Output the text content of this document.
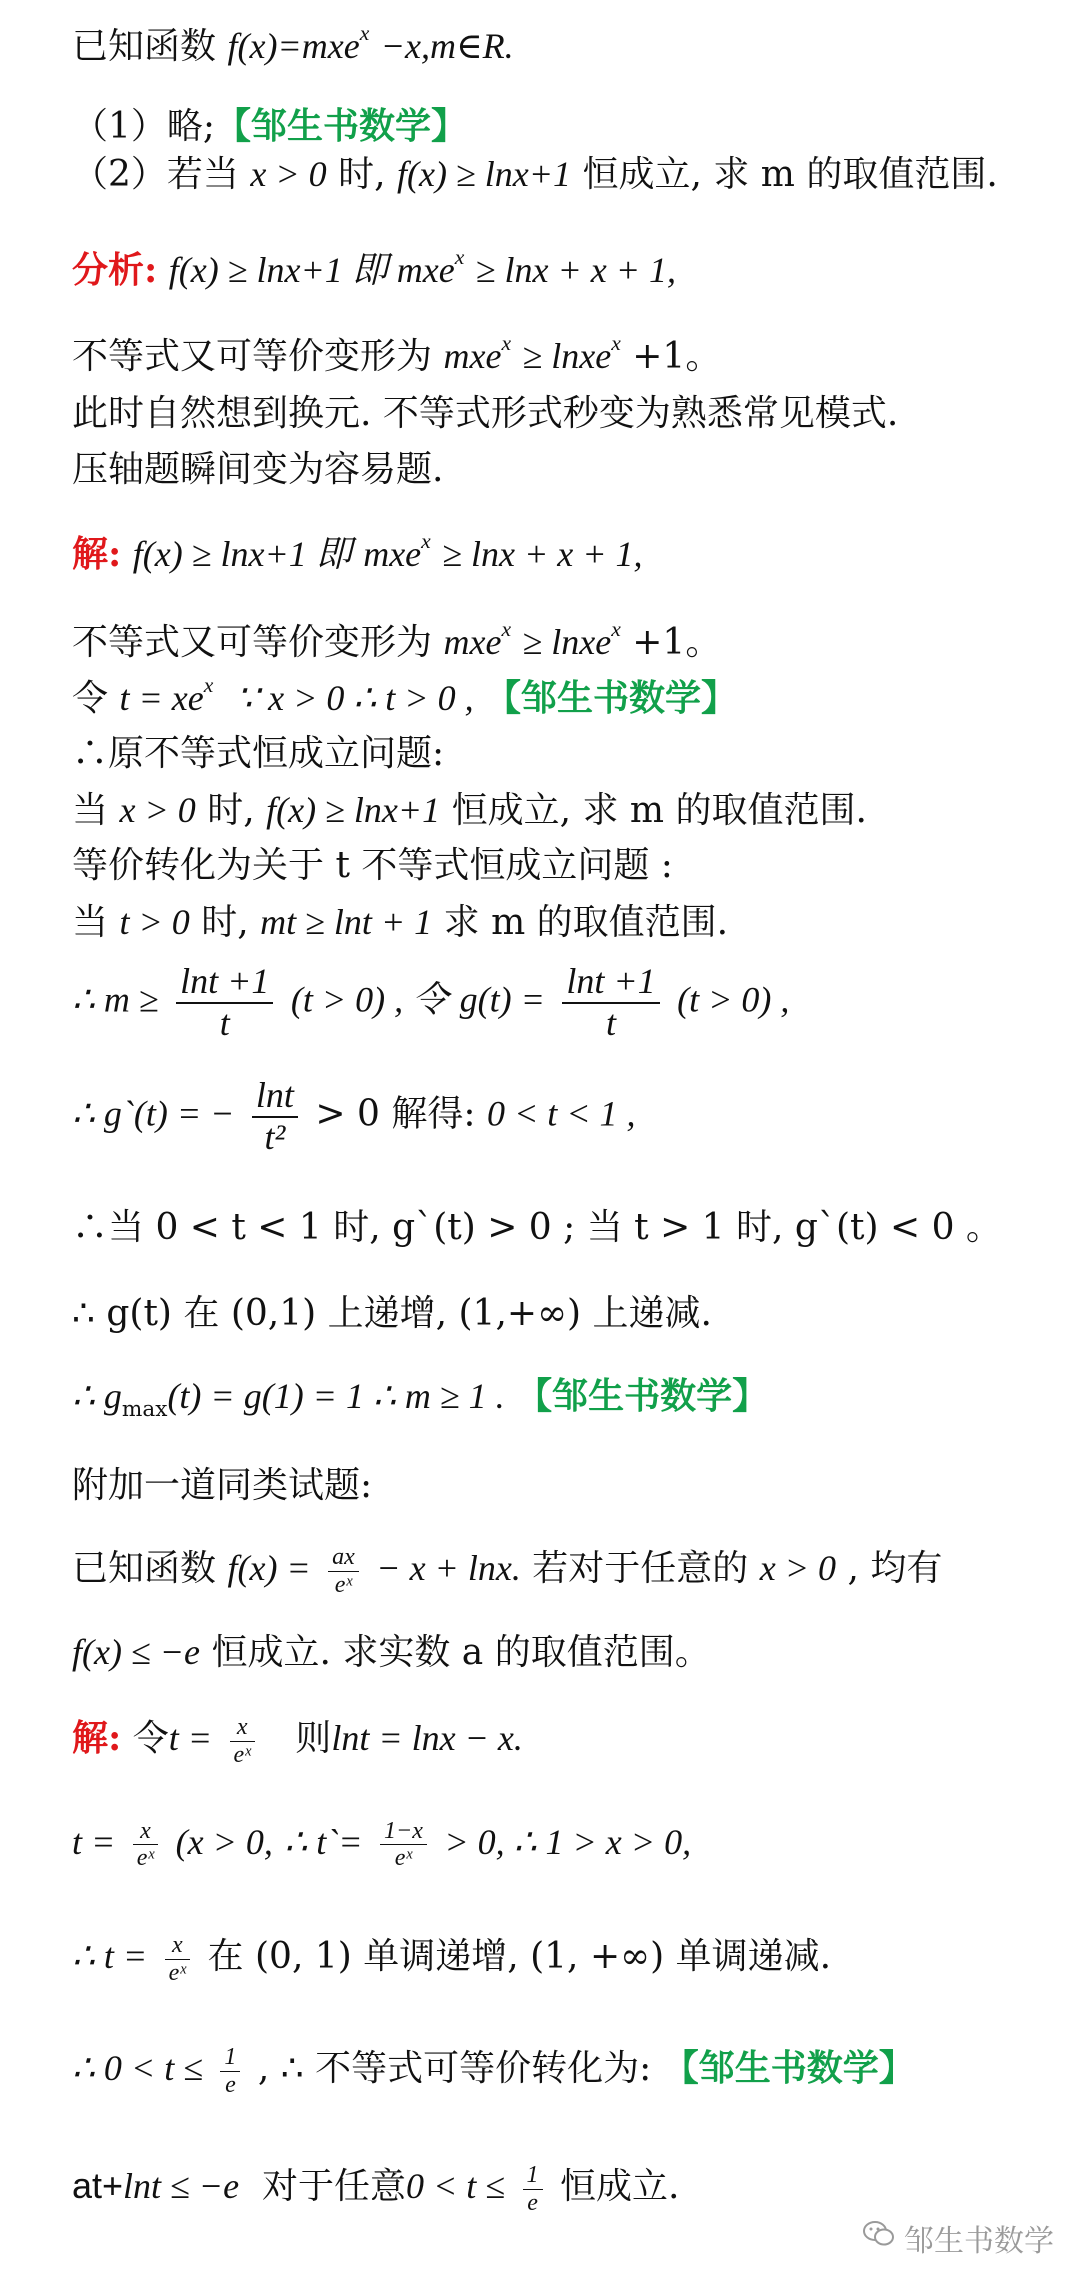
已知函数 f(x)=mxe$^x$ −x,m∈R.
（1）略;【邹生书数学】
（2）若当 x > 0 时, f(x) ≥ lnx+1 恒成立, 求 m 的取值范围.
分析: f(x) ≥ lnx+1 即 mxe$^x$ ≥ lnx + x + 1,
不等式又可等价变形为 mxe$^x$ ≥ lnxe$^x$ +1。
此时自然想到换元. 不等式形式秒变为熟悉常见模式.
压轴题瞬间变为容易题.
解: f(x) ≥ lnx+1 即 mxe$^x$ ≥ lnx + x + 1,
不等式又可等价变形为 mxe$^x$ ≥ lnxe$^x$ +1。
令 $t = xe^x$ ∵ x > 0 ∴ t > 0 , 【邹生书数学】
∴原不等式恒成立问题:
当 x > 0 时, f(x) ≥ lnx+1 恒成立, 求 m 的取值范围.
等价转化为关于 t 不等式恒成立问题 :
当 t > 0 时, mt ≥ lnt + 1 求 m 的取值范围.
∴ $m \ge \frac{\ln t +1}{t} (t > 0)$ , 令 $g(t) = \frac{\ln t +1}{t} (t > 0)$ ,
∴ g`(t) = − $\frac{\ln t}{\text{t²}} > 0$ 解得: 0 < t < 1 ,
∴当 0 < t < 1 时, g`(t) > 0 ; 当 t > 1 时, g`(t) < 0 。
∴ g(t) 在 (0,1) 上递增, (1,+∞) 上递减.
∴ $g_{max}(t) = g(1) = 1$ ∴ m ≥ 1 . 【邹生书数学】
附加一道同类试题:
已知函数 $f(x) = \frac{ax}{\text{eˣ}} - x + \ln x$. 若对于任意的 x > 0 , 均有
f(x) ≤ −e 恒成立. 求实数 a 的取值范围。
解: 令$t = \frac{x}{\text{eˣ}}$ 则lnt = lnx − x.
$t = \frac{x}{\text{eˣ}} (x > 0$, ∴ t`= $\frac{1-x}{\text{eˣ}} > 0$, ∴ 1 > x > 0,
∴ $t = \frac{x}{\text{eˣ}}$ 在 (0, 1) 单调递增, (1, +∞) 单调递减.
∴ $0 < t \le \frac{1}{e}$ , ∴ 不等式可等价转化为: 【邹生书数学】
at+lnt ≤ −e 对于任意$0 < t \le \frac{1}{e}$ 恒成立.
邹生书数学
